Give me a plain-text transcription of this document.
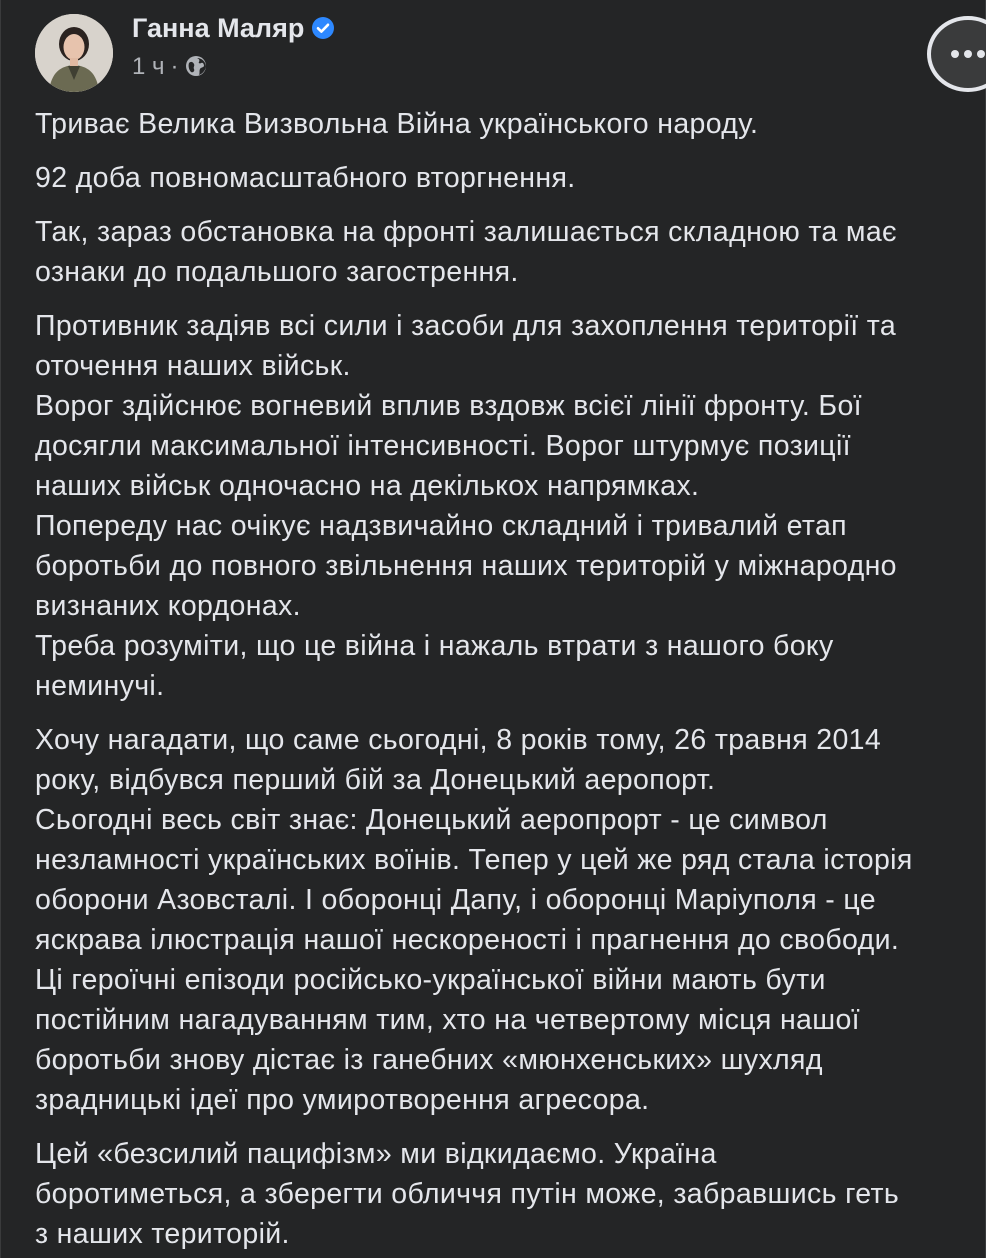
Ганна Маляр
1 ч ·

Триває Велика Визвольна Війна українського народу.

92 доба повномасштабного вторгнення.

Так, зараз обстановка на фронті залишається складною та має
ознаки до подальшого загострення.

Противник задіяв всі сили і засоби для захоплення території та
оточення наших військ.
Ворог здійснює вогневий вплив вздовж всієї лінії фронту. Бої
досягли максимальної інтенсивності. Ворог штурмує позиції
наших військ одночасно на декількох напрямках.
Попереду нас очікує надзвичайно складний і тривалий етап
боротьби до повного звільнення наших територій у міжнародно
визнаних кордонах.
Треба розуміти, що це війна і нажаль втрати з нашого боку
неминучі.

Хочу нагадати, що саме сьогодні, 8 років тому, 26 травня 2014
року, відбувся перший бій за Донецький аеропорт.
Сьогодні весь світ знає: Донецький аеропрорт - це символ
незламності українських воїнів. Тепер у цей же ряд стала історія
оборони Азовсталі. І оборонці Дапу, і оборонці Маріуполя - це
яскрава ілюстрація нашої нескореності і прагнення до свободи.
Ці героїчні епізоди російсько-української війни мають бути
постійним нагадуванням тим, хто на четвертому місця нашої
боротьби знову дістає із ганебних «мюнхенських» шухляд
зрадницькі ідеї про умиротворення агресора.

Цей «безсилий пацифізм» ми відкидаємо. Україна
боротиметься, а зберегти обличчя путін може, забравшись геть
з наших територій.
